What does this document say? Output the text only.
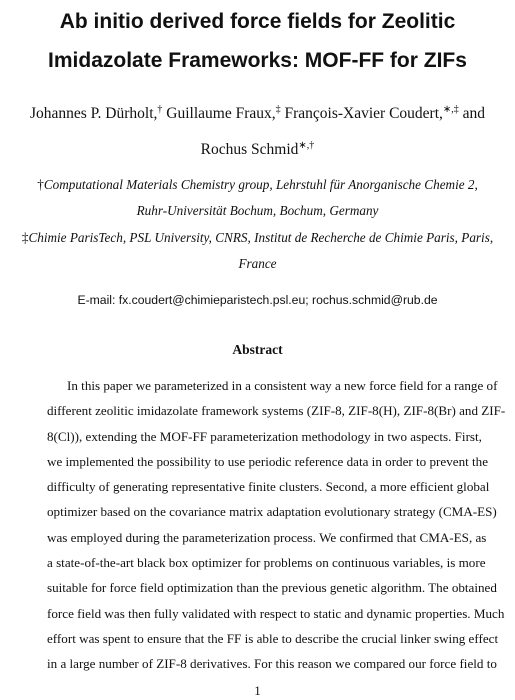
Ab initio derived force fields for Zeolitic
Imidazolate Frameworks: MOF-FF for ZIFs
Johannes P. Dürholt,† Guillaume Fraux,‡ François-Xavier Coudert,∗,‡ and
Rochus Schmid∗,†
†Computational Materials Chemistry group, Lehrstuhl für Anorganische Chemie 2,
Ruhr-Universität Bochum, Bochum, Germany
‡Chimie ParisTech, PSL University, CNRS, Institut de Recherche de Chimie Paris, Paris,
France
E-mail: fx.coudert@chimieparistech.psl.eu; rochus.schmid@rub.de
Abstract
In this paper we parameterized in a consistent way a new force field for a range of
different zeolitic imidazolate framework systems (ZIF-8, ZIF-8(H), ZIF-8(Br) and ZIF-
8(Cl)), extending the MOF-FF parameterization methodology in two aspects. First,
we implemented the possibility to use periodic reference data in order to prevent the
difficulty of generating representative finite clusters. Second, a more efficient global
optimizer based on the covariance matrix adaptation evolutionary strategy (CMA-ES)
was employed during the parameterization process. We confirmed that CMA-ES, as
a state-of-the-art black box optimizer for problems on continuous variables, is more
suitable for force field optimization than the previous genetic algorithm. The obtained
force field was then fully validated with respect to static and dynamic properties. Much
effort was spent to ensure that the FF is able to describe the crucial linker swing effect
in a large number of ZIF-8 derivatives. For this reason we compared our force field to
1
